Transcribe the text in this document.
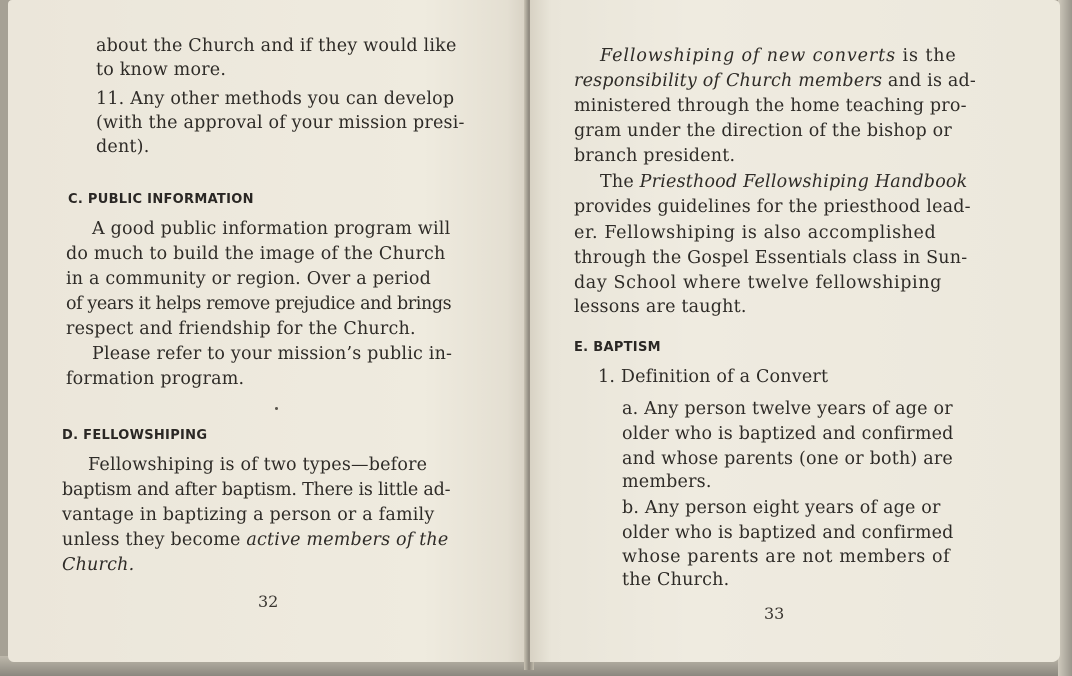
about the Church and if they would like
to know more.
11. Any other methods you can develop
(with the approval of your mission presi-
dent).
C. PUBLIC INFORMATION
A good public information program will
do much to build the image of the Church
in a community or region. Over a period
of years it helps remove prejudice and brings
respect and friendship for the Church.
Please refer to your mission’s public in-
formation program.
D. FELLOWSHIPING
Fellowshiping is of two types—before
baptism and after baptism. There is little ad-
vantage in baptizing a person or a family
unless they become active members of the
Church.
32
Fellowshiping of new converts is the
responsibility of Church members and is ad-
ministered through the home teaching pro-
gram under the direction of the bishop or
branch president.
The Priesthood Fellowshiping Handbook
provides guidelines for the priesthood lead-
er. Fellowshiping is also accomplished
through the Gospel Essentials class in Sun-
day School where twelve fellowshiping
lessons are taught.
E. BAPTISM
1. Definition of a Convert
a. Any person twelve years of age or
older who is baptized and confirmed
and whose parents (one or both) are
members.
b. Any person eight years of age or
older who is baptized and confirmed
whose parents are not members of
the Church.
33
